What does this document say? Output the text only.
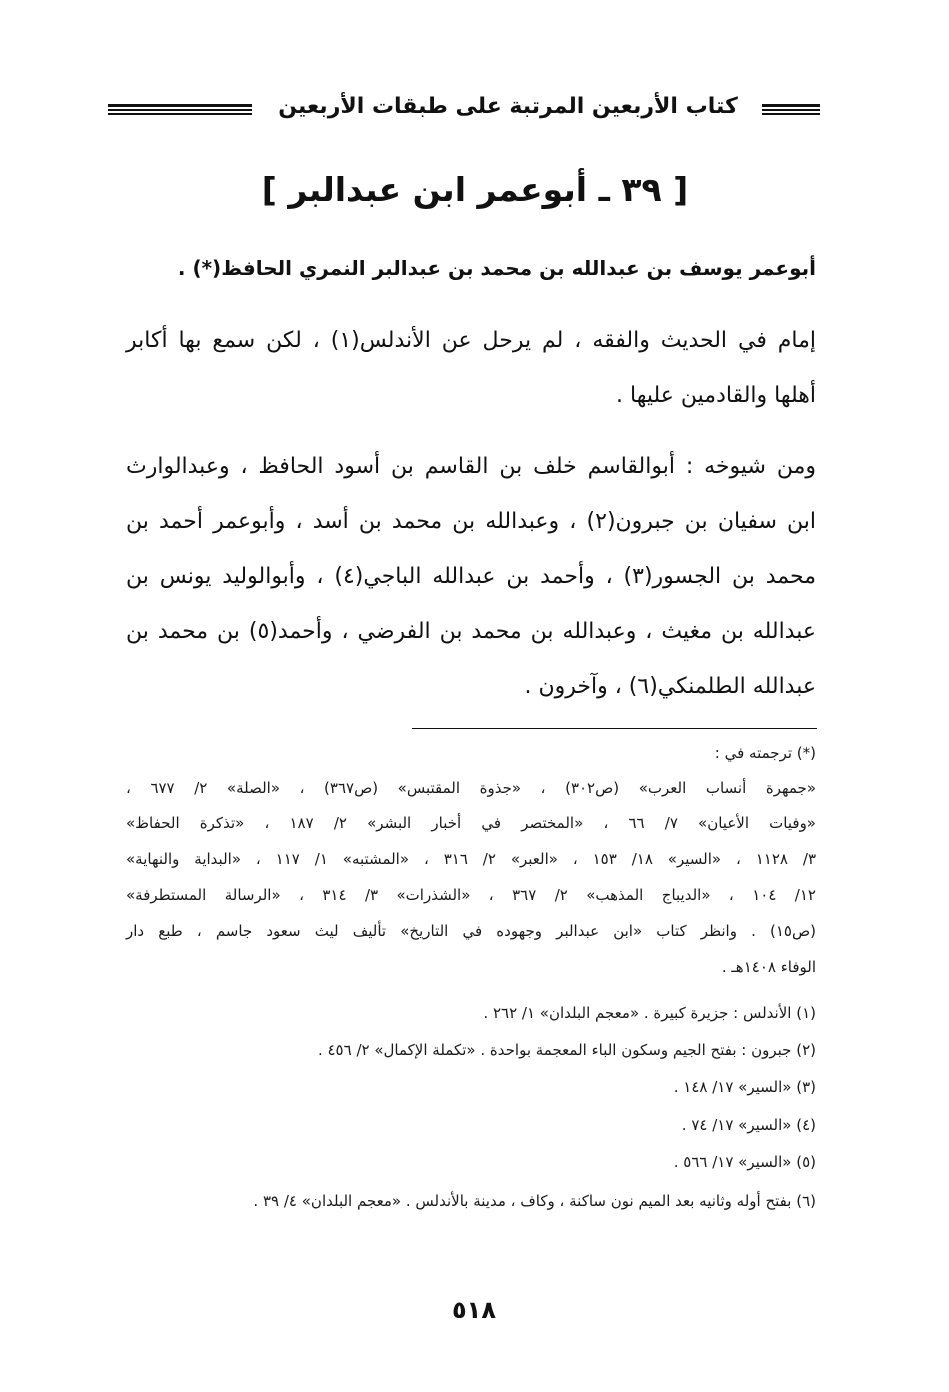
كتاب الأربعين المرتبة على طبقات الأربعين
[ ٣٩ ـ أبوعمر ابن عبدالبر ]
أبوعمر يوسف بن عبدالله بن محمد بن عبدالبر النمري الحافظ(*) .
إمام في الحديث والفقه ، لم يرحل عن الأندلس(١) ، لكن سمع بها أكابر
أهلها والقادمين عليها .
ومن شيوخه : أبوالقاسم خلف بن القاسم بن أسود الحافظ ، وعبدالوارث
ابن سفيان بن جبرون(٢) ، وعبدالله بن محمد بن أسد ، وأبوعمر أحمد بن
محمد بن الجسور(٣) ، وأحمد بن عبدالله الباجي(٤) ، وأبوالوليد يونس بن
عبدالله بن مغيث ، وعبدالله بن محمد بن الفرضي ، وأحمد(٥) بن محمد بن
عبدالله الطلمنكي(٦) ، وآخرون .
(*) ترجمته في :
«جمهرة أنساب العرب» (ص٣٠٢) ، «جذوة المقتبس» (ص٣٦٧) ، «الصلة» ٢/ ٦٧٧ ،
«وفيات الأعيان» ٧/ ٦٦ ، «المختصر في أخبار البشر» ٢/ ١٨٧ ، «تذكرة الحفاظ»
٣/ ١١٢٨ ، «السير» ١٨/ ١٥٣ ، «العبر» ٢/ ٣١٦ ، «المشتبه» ١/ ١١٧ ، «البداية والنهاية»
١٢/ ١٠٤ ، «الديباج المذهب» ٢/ ٣٦٧ ، «الشذرات» ٣/ ٣١٤ ، «الرسالة المستطرفة»
(ص١٥) . وانظر كتاب «ابن عبدالبر وجهوده في التاريخ» تأليف ليث سعود جاسم ، طبع دار
الوفاء ١٤٠٨هـ .
(١) الأندلس : جزيرة كبيرة . «معجم البلدان» ١/ ٢٦٢ .
(٢) جبرون : بفتح الجيم وسكون الباء المعجمة بواحدة . «تكملة الإكمال» ٢/ ٤٥٦ .
(٣) «السير» ١٧/ ١٤٨ .
(٤) «السير» ١٧/ ٧٤ .
(٥) «السير» ١٧/ ٥٦٦ .
(٦) بفتح أوله وثانيه بعد الميم نون ساكنة ، وكاف ، مدينة بالأندلس . «معجم البلدان» ٤/ ٣٩ .
٥١٨
